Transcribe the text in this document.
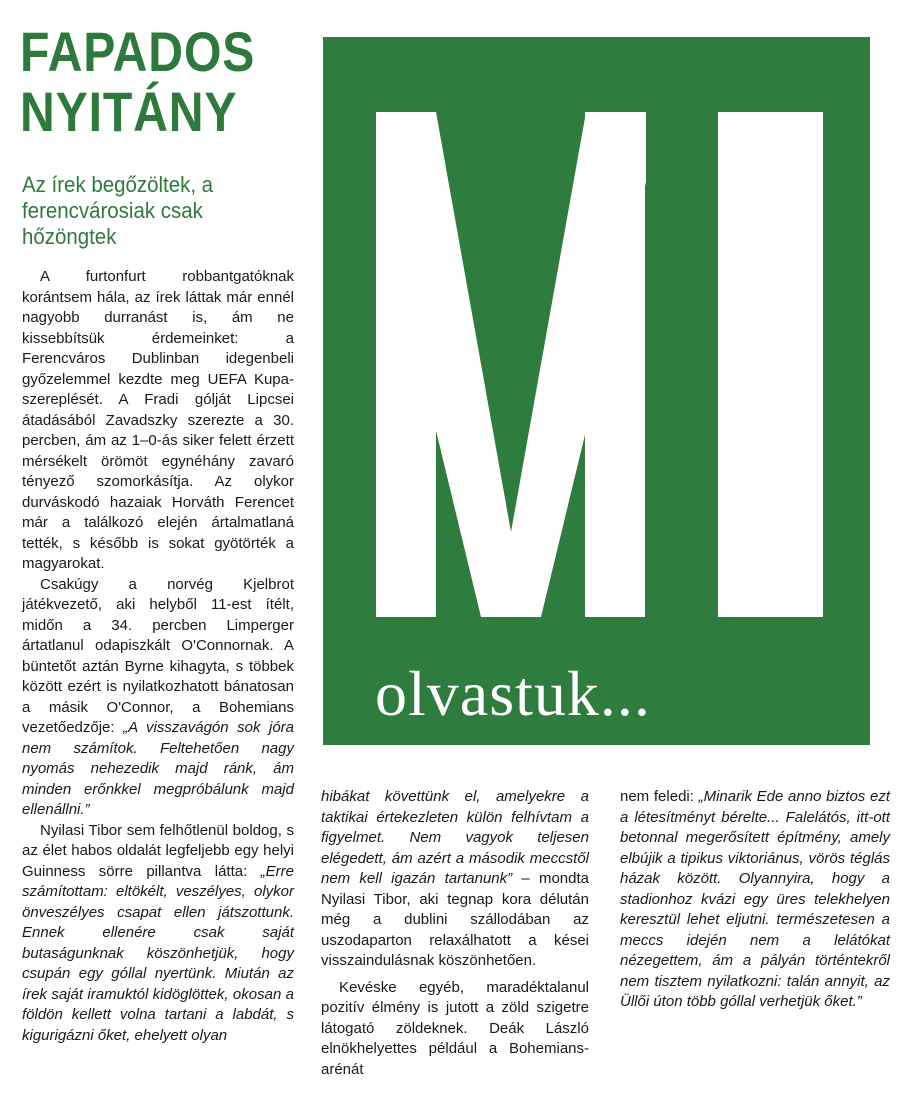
FAPADOS
NYITÁNY
Az írek begőzöltek, a ferencvárosiak csak hőzöngtek

A furtonfurt robbantgatóknak korántsem hála, az írek láttak már ennél nagyobb durranást is, ám ne kissebbítsük érdemeinket: a Ferencváros Dublinban idegenbeli győzelemmel kezdte meg UEFA Kupa-szereplését. A Fradi gólját Lipcsei átadásából Zavadszky szerezte a 30. percben, ám az 1–0-ás siker felett érzett mérsékelt örömöt egynéhány zavaró tényező szomorkásítja. Az olykor durváskodó hazaiak Horváth Ferencet már a találkozó elején ártalmatlaná tették, s később is sokat gyötörték a magyarokat.

Csakúgy a norvég Kjelbrot játékvezető, aki helyből 11-est ítélt, midőn a 34. percben Limperger ártatlanul odapiszkált O'Connornak. A büntetőt aztán Byrne kihagyta, s többek között ezért is nyilatkozhatott bánatosan a másik O'Connor, a Bohemians vezetőedzője: „A visszavágón sok jóra nem számítok. Feltehetően nagy nyomás nehezedik majd ránk, ám minden erőnkkel megpróbálunk majd ellenállni.”

Nyilasi Tibor sem felhőtlenül boldog, s az élet habos oldalát legfeljebb egy helyi Guinness sörre pillantva látta: „Erre számítottam: eltökélt, veszélyes, olykor önveszélyes csapat ellen játszottunk. Ennek ellenére csak saját butaságunknak köszönhetjük, hogy csupán egy góllal nyertünk. Miután az írek saját iramuktól kidöglöttek, okosan a földön kellett volna tartani a labdát, s kigurigázni őket, ehelyett olyan

olvastuk...

hibákat követtünk el, amelyekre a taktikai értekezleten külön felhívtam a figyelmet. Nem vagyok teljesen elégedett, ám azért a második meccstől nem kell igazán tartanunk” – mondta Nyilasi Tibor, aki tegnap kora délután még a dublini szállodában az uszodaparton relaxálhatott a kései visszaindulásnak köszönhetően.

Kevéske egyéb, maradéktalanul pozitív élmény is jutott a zöld szigetre látogató zöldeknek. Deák László elnökhelyettes például a Bohemians-arénát

nem feledi: „Minarik Ede anno biztos ezt a létesítményt bérelte... Falelátós, itt-ott betonnal megerősített építmény, amely elbújik a tipikus viktoriánus, vörös téglás házak között. Olyannyira, hogy a stadionhoz kvázi egy üres telekhelyen keresztül lehet eljutni. természetesen a meccs idején nem a lelátókat nézegettem, ám a pályán történtekről nem tisztem nyilatkozni: talán annyit, az Üllői úton több góllal verhetjük őket.”
